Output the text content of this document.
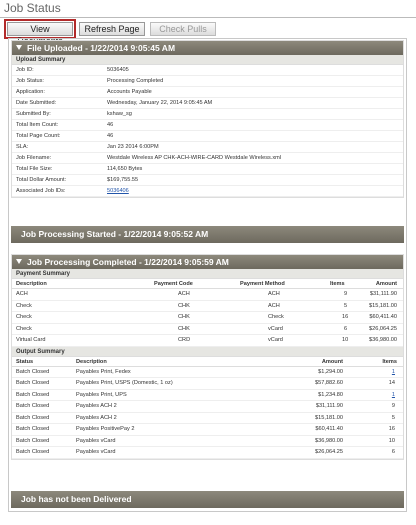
Job Status
View	Refresh Page	Check Pulls
File Uploaded - 1/22/2014 9:05:45 AM
Upload Summary
Job ID:	5036405
Job Status:	Processing Completed
Application:	Accounts Payable
Date Submitted:	Wednesday, January 22, 2014 9:05:45 AM
Submitted By:	kshaw_sg
Total Item Count:	46
Total Page Count:	46
SLA:	Jan 23 2014 6:00PM
Job Filename:	Westdale Wireless AP CHK-ACH-WIRE-CARD Westdale Wireless.xml
Total File Size:	114,650 Bytes
Total Dollar Amount:	$169,755.55
Associated Job IDs:	5036406
Job Processing Started - 1/22/2014 9:05:52 AM
Job Processing Completed - 1/22/2014 9:05:59 AM
Payment Summary
Description	Payment Code	Payment Method	Items	Amount
ACH	ACH	ACH	9	$31,111.90
Check	CHK	ACH	5	$15,181.00
Check	CHK	Check	16	$60,411.40
Check	CHK	vCard	6	$26,064.25
Virtual Card	CRD	vCard	10	$36,980.00
Output Summary
Status	Description	Amount	Items
Batch Closed	Payables Print, Fedex	$1,294.00	1
Batch Closed	Payables Print, USPS (Domestic, 1 oz)	$57,882.60	14
Batch Closed	Payables Print, UPS	$1,234.80	1
Batch Closed	Payables ACH 2	$31,111.90	9
Batch Closed	Payables ACH 2	$15,181.00	5
Batch Closed	Payables PositivePay 2	$60,411.40	16
Batch Closed	Payables vCard	$36,980.00	10
Batch Closed	Payables vCard	$26,064.25	6
Job has not been Delivered
